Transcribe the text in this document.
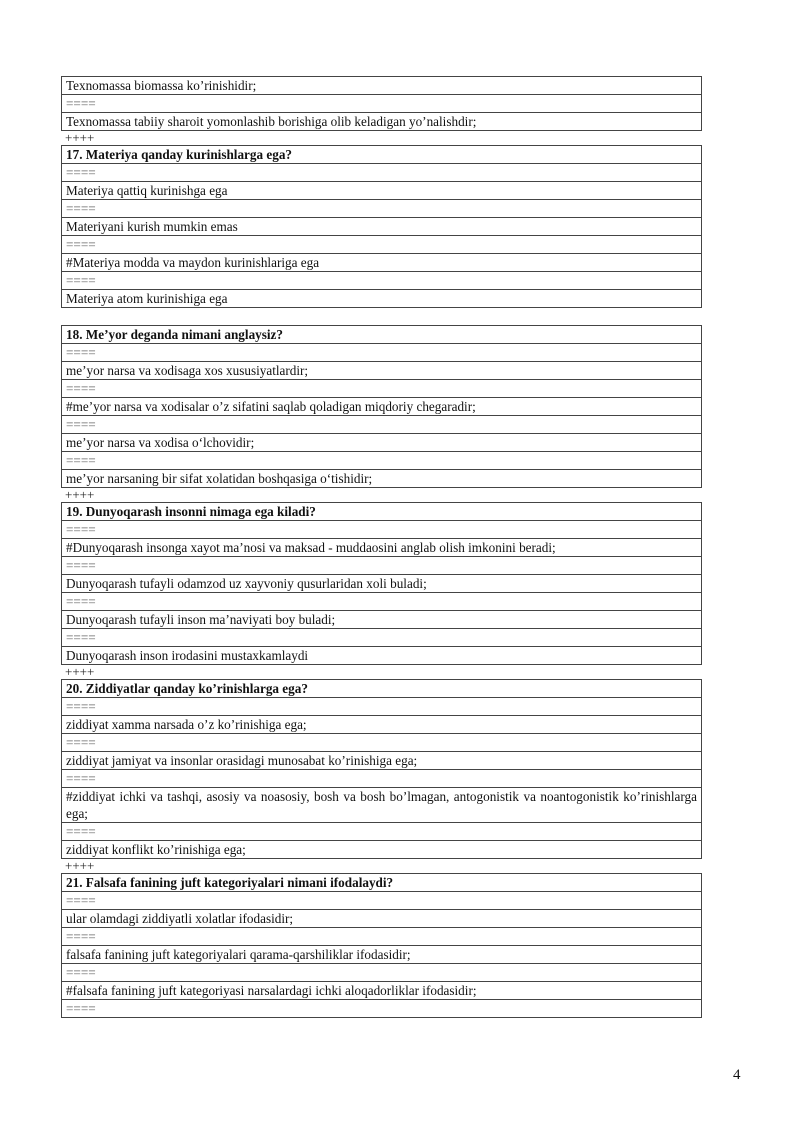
Texnomassa biomassa ko’rinishidir;
====
Texnomassa tabiiy sharoit yomonlashib borishiga olib keladigan yo’nalishdir;
++++
17. Materiya qanday kurinishlarga ega?
====
Materiya qattiq kurinishga ega
====
Materiyani kurish mumkin emas
====
#Materiya modda va maydon kurinishlariga ega
====
Materiya atom kurinishiga ega
18. Me’yor deganda nimani anglaysiz?
====
me’yor narsa va xodisaga xos xususiyatlardir;
====
#me’yor narsa va xodisalar o’z sifatini saqlab qoladigan miqdoriy chegaradir;
====
me’yor narsa va xodisa o‘lchovidir;
====
me’yor narsaning bir sifat xolatidan boshqasiga o‘tishidir;
++++
19. Dunyoqarash insonni nimaga ega kiladi?
====
#Dunyoqarash insonga xayot ma’nosi va maksad - muddaosini anglab olish imkonini beradi;
====
Dunyoqarash tufayli odamzod uz xayvoniy qusurlaridan xoli buladi;
====
Dunyoqarash tufayli inson ma’naviyati boy buladi;
====
Dunyoqarash inson irodasini mustaxkamlaydi
++++
20. Ziddiyatlar qanday ko’rinishlarga ega?
====
ziddiyat xamma narsada o’z ko’rinishiga ega;
====
ziddiyat jamiyat va insonlar orasidagi munosabat ko’rinishiga ega;
====
#ziddiyat ichki va tashqi, asosiy va noasosiy, bosh va bosh bo’lmagan, antogonistik va noantogonistik ko’rinishlarga ega;
====
ziddiyat konflikt ko’rinishiga ega;
++++
21. Falsafa fanining juft kategoriyalari nimani ifodalaydi?
====
ular olamdagi ziddiyatli xolatlar ifodasidir;
====
falsafa fanining juft kategoriyalari qarama-qarshiliklar ifodasidir;
====
#falsafa fanining juft kategoriyasi narsalardagi ichki aloqadorliklar ifodasidir;
====
4
